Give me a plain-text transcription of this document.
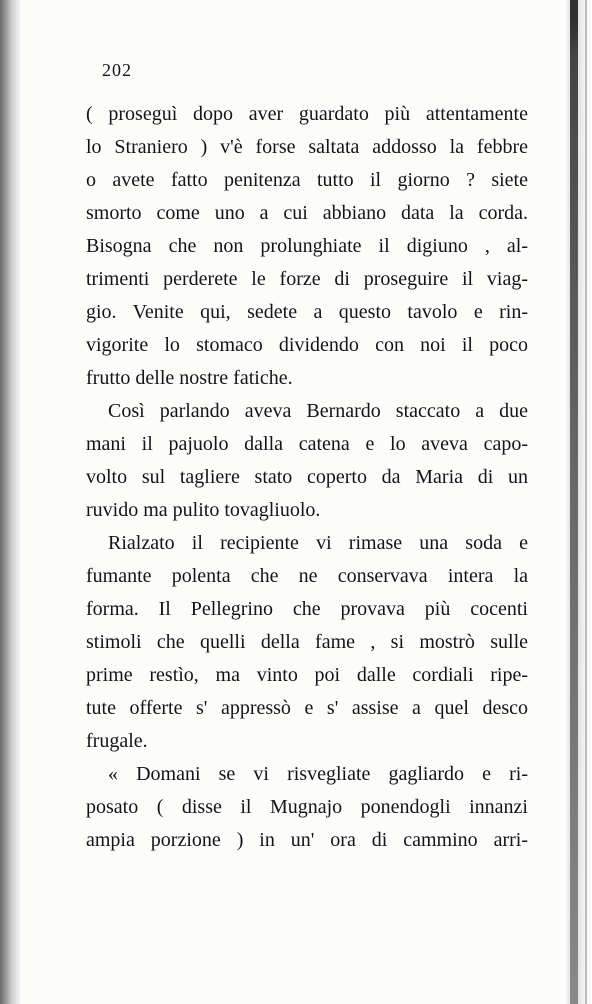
202
( proseguì dopo aver guardato più attentamente
lo Straniero ) v'è forse saltata addosso la febbre
o avete fatto penitenza tutto il giorno ? siete
smorto come uno a cui abbiano data la corda.
Bisogna che non prolunghiate il digiuno , al-
trimenti perderete le forze di proseguire il viag-
gio. Venite qui, sedete a questo tavolo e rin-
vigorite lo stomaco dividendo con noi il poco
frutto delle nostre fatiche.
Così parlando aveva Bernardo staccato a due
mani il pajuolo dalla catena e lo aveva capo-
volto sul tagliere stato coperto da Maria di un
ruvido ma pulito tovagliuolo.
Rialzato il recipiente vi rimase una soda e
fumante polenta che ne conservava intera la
forma. Il Pellegrino che provava più cocenti
stimoli che quelli della fame , si mostrò sulle
prime restìo, ma vinto poi dalle cordiali ripe-
tute offerte s' appressò e s' assise a quel desco
frugale.
« Domani se vi risvegliate gagliardo e ri-
posato ( disse il Mugnajo ponendogli innanzi
ampia porzione ) in un' ora di cammino arri-
